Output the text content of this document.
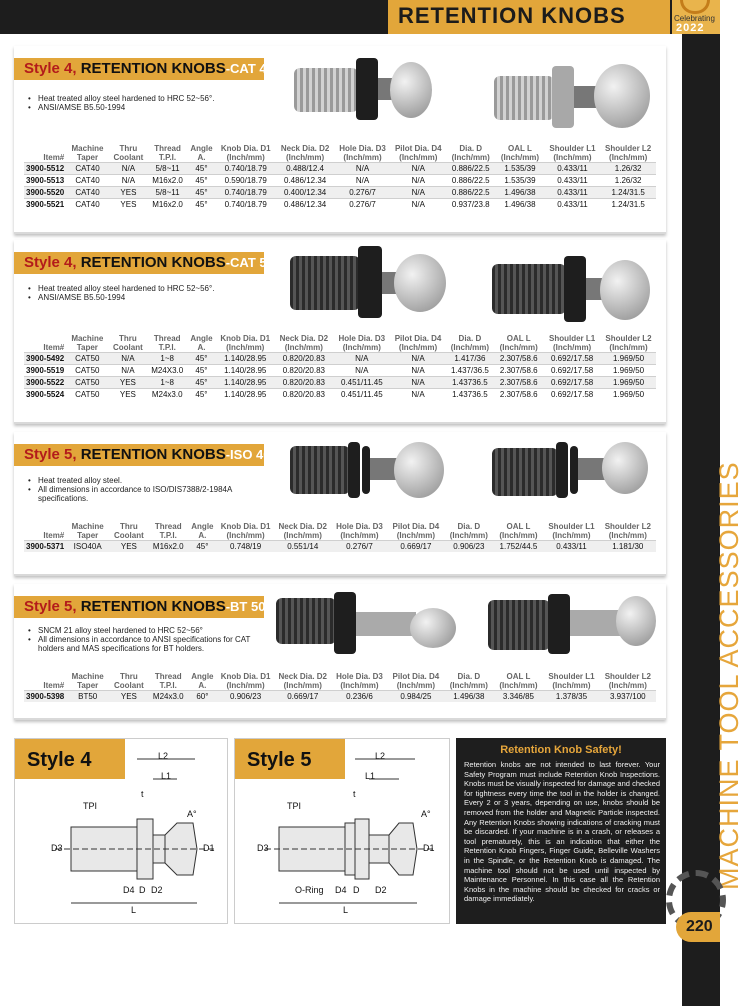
RETENTION KNOBS	Celebrating
2022
MACHINE TOOL ACCESSORIES
220
Style 4, RETENTION KNOBS-CAT 40
• Heat treated alloy steel hardened to HRC 52~56°.
• ANSI/AMSE B5.50-1994
Item#	Machine Taper	Thru Coolant	Thread T.P.I.	Angle A.	Knob Dia. D1 (Inch/mm)	Neck Dia. D2 (Inch/mm)	Hole Dia. D3 (Inch/mm)	Pilot Dia. D4 (Inch/mm)	Dia. D (Inch/mm)	OAL L (Inch/mm)	Shoulder L1 (Inch/mm)	Shoulder L2 (Inch/mm)
3900-5512	CAT40	N/A	5/8~11	45°	0.740/18.79	0.488/12.4	N/A	N/A	0.886/22.5	1.535/39	0.433/11	1.26/32
3900-5513	CAT40	N/A	M16x2.0	45°	0.590/18.79	0.486/12.34	N/A	N/A	0.886/22.5	1.535/39	0.433/11	1.26/32
3900-5520	CAT40	YES	5/8~11	45°	0.740/18.79	0.400/12.34	0.276/7	N/A	0.886/22.5	1.496/38	0.433/11	1.24/31.5
3900-5521	CAT40	YES	M16x2.0	45°	0.740/18.79	0.486/12.34	0.276/7	N/A	0.937/23.8	1.496/38	0.433/11	1.24/31.5
Style 4, RETENTION KNOBS-CAT 50
• Heat treated alloy steel hardened to HRC 52~56°.
• ANSI/AMSE B5.50-1994
Item#	Machine Taper	Thru Coolant	Thread T.P.I.	Angle A.	Knob Dia. D1 (Inch/mm)	Neck Dia. D2 (Inch/mm)	Hole Dia. D3 (Inch/mm)	Pilot Dia. D4 (Inch/mm)	Dia. D (Inch/mm)	OAL L (Inch/mm)	Shoulder L1 (Inch/mm)	Shoulder L2 (Inch/mm)
3900-5492	CAT50	N/A	1~8	45°	1.140/28.95	0.820/20.83	N/A	N/A	1.417/36	2.307/58.6	0.692/17.58	1.969/50
3900-5519	CAT50	N/A	M24X3.0	45°	1.140/28.95	0.820/20.83	N/A	N/A	1.437/36.5	2.307/58.6	0.692/17.58	1.969/50
3900-5522	CAT50	YES	1~8	45°	1.140/28.95	0.820/20.83	0.451/11.45	N/A	1.43736.5	2.307/58.6	0.692/17.58	1.969/50
3900-5524	CAT50	YES	M24x3.0	45°	1.140/28.95	0.820/20.83	0.451/11.45	N/A	1.43736.5	2.307/58.6	0.692/17.58	1.969/50
Style 5, RETENTION KNOBS-ISO 40A
• Heat treated alloy steel.
• All dimensions in accordance to ISO/DIS7388/2-1984A specifications.
Item#	Machine Taper	Thru Coolant	Thread T.P.I.	Angle A.	Knob Dia. D1 (Inch/mm)	Neck Dia. D2 (Inch/mm)	Hole Dia. D3 (Inch/mm)	Pilot Dia. D4 (Inch/mm)	Dia. D (Inch/mm)	OAL L (Inch/mm)	Shoulder L1 (Inch/mm)	Shoulder L2 (Inch/mm)
3900-5371	ISO40A	YES	M16x2.0	45°	0.748/19	0.551/14	0.276/7	0.669/17	0.906/23	1.752/44.5	0.433/11	1.181/30
Style 5, RETENTION KNOBS-BT 50
• SNCM 21 alloy steel hardened to HRC 52~56°
• All dimensions in accordance to ANSI specifications for CAT holders and MAS specifications for BT holders.
Item#	Machine Taper	Thru Coolant	Thread T.P.I.	Angle A.	Knob Dia. D1 (Inch/mm)	Neck Dia. D2 (Inch/mm)	Hole Dia. D3 (Inch/mm)	Pilot Dia. D4 (Inch/mm)	Dia. D (Inch/mm)	OAL L (Inch/mm)	Shoulder L1 (Inch/mm)	Shoulder L2 (Inch/mm)
3900-5398	BT50	YES	M24x3.0	60°	0.906/23	0.669/17	0.236/6	0.984/25	1.496/38	3.346/85	1.378/35	3.937/100
Style 4	L2
L1
t
TPI
A°
D3	D1
D4 D D2
L
Style 5	L2
L1
t
TPI
A°
D3	D1
O-Ring D4 D D2
L
Retention Knob Safety!

Retention knobs are not intended to last forever. Your Safety Program must include Retention Knob Inspections. Knobs must be visually inspected for damage and checked for tightness every time the tool in the holder is changed. Every 2 or 3 years, depending on use, knobs should be removed from the holder and Magnetic Particle inspected. Any Retention Knobs showing indications of cracking must be discarded. If your machine is in a crash, or releases a tool prematurely, this is an indication that either the Retention Knob Fingers, Finger Guide, Belleville Washers in the Spindle, or the Retention Knob is damaged. The machine tool should not be used until inspected by Maintenance Personnel. In this case all the Retention Knobs in the machine should be checked for cracks or damage immediately.
